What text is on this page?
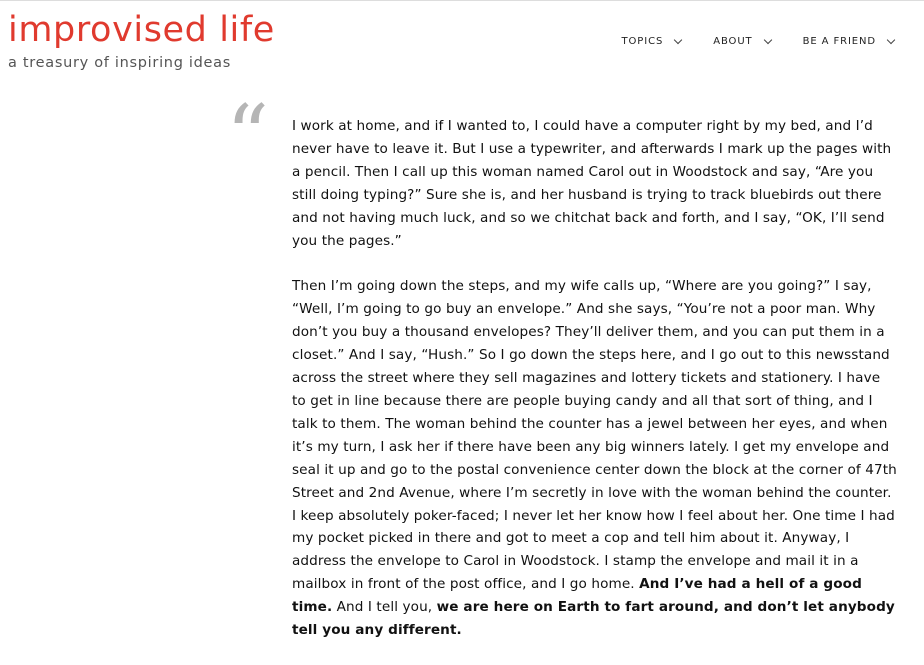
improvised life
a treasury of inspiring ideas
TOPICS	ABOUT	BE A FRIEND
“ I work at home, and if I wanted to, I could have a computer right by my bed, and I’d never have to leave it. But I use a typewriter, and afterwards I mark up the pages with a pencil. Then I call up this woman named Carol out in Woodstock and say, “Are you still doing typing?” Sure she is, and her husband is trying to track bluebirds out there and not having much luck, and so we chitchat back and forth, and I say, “OK, I’ll send you the pages.”

Then I’m going down the steps, and my wife calls up, “Where are you going?” I say, “Well, I’m going to go buy an envelope.” And she says, “You’re not a poor man. Why don’t you buy a thousand envelopes? They’ll deliver them, and you can put them in a closet.” And I say, “Hush.” So I go down the steps here, and I go out to this newsstand across the street where they sell magazines and lottery tickets and stationery. I have to get in line because there are people buying candy and all that sort of thing, and I talk to them. The woman behind the counter has a jewel between her eyes, and when it’s my turn, I ask her if there have been any big winners lately. I get my envelope and seal it up and go to the postal convenience center down the block at the corner of 47th Street and 2nd Avenue, where I’m secretly in love with the woman behind the counter. I keep absolutely poker-faced; I never let her know how I feel about her. One time I had my pocket picked in there and got to meet a cop and tell him about it. Anyway, I address the envelope to Carol in Woodstock. I stamp the envelope and mail it in a mailbox in front of the post office, and I go home. And I’ve had a hell of a good time. And I tell you, we are here on Earth to fart around, and don’t let anybody tell you any different.
